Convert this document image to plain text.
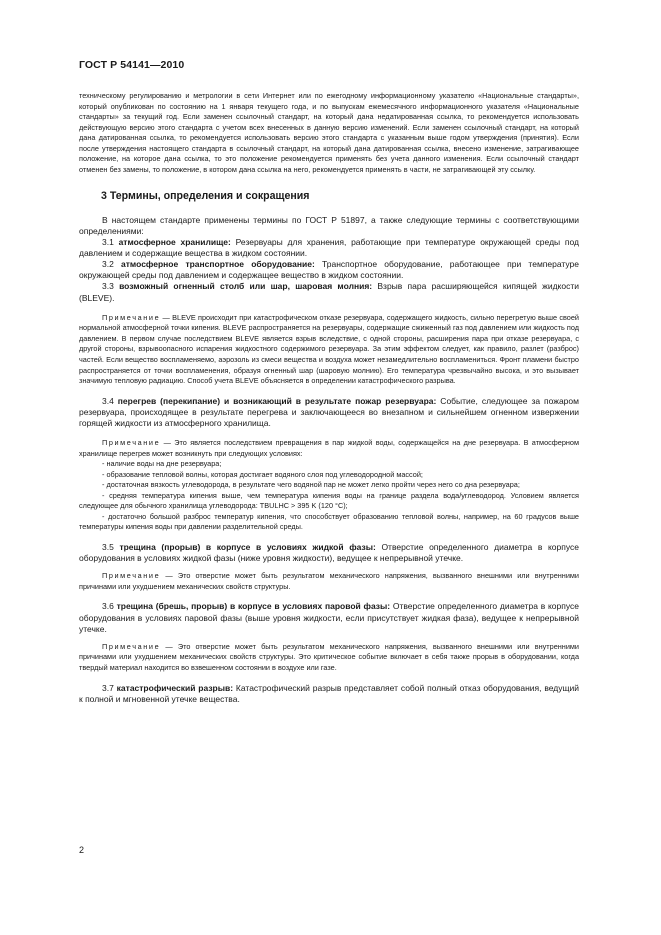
ГОСТ Р 54141—2010

техническому регулированию и метрологии в сети Интернет или по ежегодному информационному указателю «Национальные стандарты», который опубликован по состоянию на 1 января текущего года, и по выпускам ежемесячного информационного указателя «Национальные стандарты» за текущий год. Если заменен ссылочный стандарт, на который дана недатированная ссылка, то рекомендуется использовать действующую версию этого стандарта с учетом всех внесенных в данную версию изменений. Если заменен ссылочный стандарт, на который дана датированная ссылка, то рекомендуется использовать версию этого стандарта с указанным выше годом утверждения (принятия). Если после утверждения настоящего стандарта в ссылочный стандарт, на который дана датированная ссылка, внесено изменение, затрагивающее положение, на которое дана ссылка, то это положение рекомендуется применять без учета данного изменения. Если ссылочный стандарт отменен без замены, то положение, в котором дана ссылка на него, рекомендуется применять в части, не затрагивающей эту ссылку.

3 Термины, определения и сокращения

В настоящем стандарте применены термины по ГОСТ Р 51897, а также следующие термины с соответствующими определениями:

3.1 атмосферное хранилище: Резервуары для хранения, работающие при температуре окружающей среды под давлением и содержащие вещества в жидком состоянии.

3.2 атмосферное транспортное оборудование: Транспортное оборудование, работающее при температуре окружающей среды под давлением и содержащее вещество в жидком состоянии.

3.3 возможный огненный столб или шар, шаровая молния: Взрыв пара расширяющейся кипящей жидкости (BLEVE).

Примечание — BLEVE происходит при катастрофическом отказе резервуара, содержащего жидкость, сильно перегретую выше своей нормальной атмосферной точки кипения. BLEVE распространяется на резервуары, содержащие сжиженный газ под давлением или жидкость под давлением. В первом случае последствием BLEVE является взрыв вследствие, с одной стороны, расширения пара при отказе резервуара, с другой стороны, взрывоопасного испарения жидкостного содержимого резервуара. За этим эффектом следует, как правило, разлет (разброс) частей. Если вещество воспламеняемо, аэрозоль из смеси вещества и воздуха может незамедлительно воспламениться. Фронт пламени быстро распространяется от точки воспламенения, образуя огненный шар (шаровую молнию). Его температура чрезвычайно высока, и это вызывает значимую тепловую радиацию. Способ учета BLEVE объясняется в определении катастрофического разрыва.

3.4 перегрев (перекипание) и возникающий в результате пожар резервуара: Событие, следующее за пожаром резервуара, происходящее в результате перегрева и заключающееся во внезапном и сильнейшем огненном извержении горящей жидкости из атмосферного хранилища.

Примечание — Это является последствием превращения в пар жидкой воды, содержащейся на дне резервуара. В атмосферном хранилище перегрев может возникнуть при следующих условиях:

- наличие воды на дне резервуара;

- образование тепловой волны, которая достигает водяного слоя под углеводородной массой;

- достаточная вязкость углеводорода, в результате чего водяной пар не может легко пройти через него со дна резервуара;

- средняя температура кипения выше, чем температура кипения воды на границе раздела вода/углеводород. Условием является следующее для обычного хранилища углеводорода: TBULHC > 395 K (120 °C);

- достаточно большой разброс температур кипения, что способствует образованию тепловой волны, например, на 60 градусов выше температуры кипения воды при давлении разделительной среды.

3.5 трещина (прорыв) в корпусе в условиях жидкой фазы: Отверстие определенного диаметра в корпусе оборудования в условиях жидкой фазы (ниже уровня жидкости), ведущее к непрерывной утечке.

Примечание — Это отверстие может быть результатом механического напряжения, вызванного внешними или внутренними причинами или ухудшением механических свойств структуры.

3.6 трещина (брешь, прорыв) в корпусе в условиях паровой фазы: Отверстие определенного диаметра в корпусе оборудования в условиях паровой фазы (выше уровня жидкости, если присутствует жидкая фаза), ведущее к непрерывной утечке.

Примечание — Это отверстие может быть результатом механического напряжения, вызванного внешними или внутренними причинами или ухудшением механических свойств структуры. Это критическое событие включает в себя также прорыв в оборудовании, когда твердый материал находится во взвешенном состоянии в воздухе или газе.

3.7 катастрофический разрыв: Катастрофический разрыв представляет собой полный отказ оборудования, ведущий к полной и мгновенной утечке вещества.

2
